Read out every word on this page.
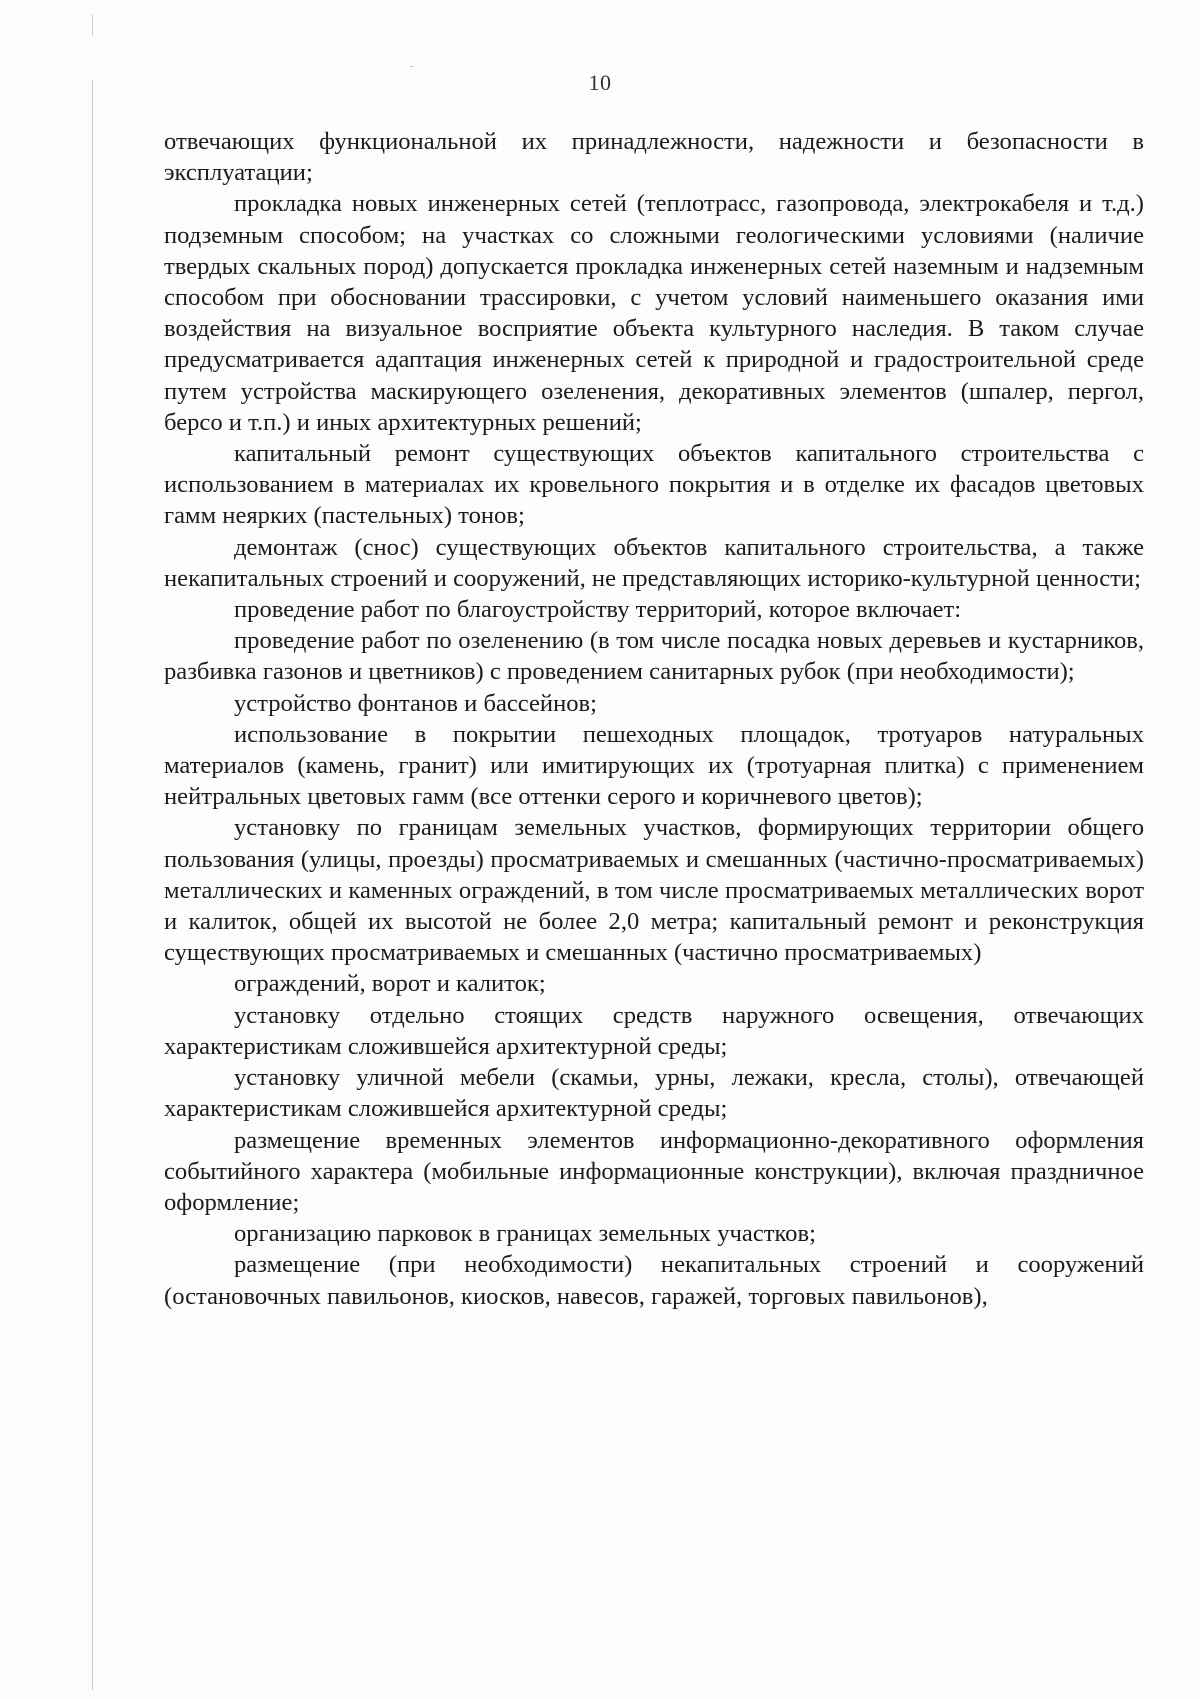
10

отвечающих функциональной их принадлежности, надежности и безопасности в эксплуатации;

прокладка новых инженерных сетей (теплотрасс, газопровода, электрокабеля и т.д.) подземным способом; на участках со сложными геологическими условиями (наличие твердых скальных пород) допускается прокладка инженерных сетей наземным и надземным способом при обосновании трассировки, с учетом условий наименьшего оказания ими воздействия на визуальное восприятие объекта культурного наследия. В таком случае предусматривается адаптация инженерных сетей к природной и градостроительной среде путем устройства маскирующего озеленения, декоративных элементов (шпалер, пергол, берсо и т.п.) и иных архитектурных решений;

капитальный ремонт существующих объектов капитального строительства с использованием в материалах их кровельного покрытия и в отделке их фасадов цветовых гамм неярких (пастельных) тонов;

демонтаж (снос) существующих объектов капитального строительства, а также некапитальных строений и сооружений, не представляющих историко-культурной ценности;

проведение работ по благоустройству территорий, которое включает:

проведение работ по озеленению (в том числе посадка новых деревьев и кустарников, разбивка газонов и цветников) с проведением санитарных рубок (при необходимости);

устройство фонтанов и бассейнов;

использование в покрытии пешеходных площадок, тротуаров натуральных материалов (камень, гранит) или имитирующих их (тротуарная плитка) с применением нейтральных цветовых гамм (все оттенки серого и коричневого цветов);

установку по границам земельных участков, формирующих территории общего пользования (улицы, проезды) просматриваемых и смешанных (частично-просматриваемых) металлических и каменных ограждений, в том числе просматриваемых металлических ворот и калиток, общей их высотой не более 2,0 метра; капитальный ремонт и реконструкция существующих просматриваемых и смешанных (частично просматриваемых)

ограждений, ворот и калиток;

установку отдельно стоящих средств наружного освещения, отвечающих характеристикам сложившейся архитектурной среды;

установку уличной мебели (скамьи, урны, лежаки, кресла, столы), отвечающей характеристикам сложившейся архитектурной среды;

размещение временных элементов информационно-декоративного оформления событийного характера (мобильные информационные конструкции), включая праздничное оформление;

организацию парковок в границах земельных участков;

размещение (при необходимости) некапитальных строений и сооружений (остановочных павильонов, киосков, навесов, гаражей, торговых павильонов),
